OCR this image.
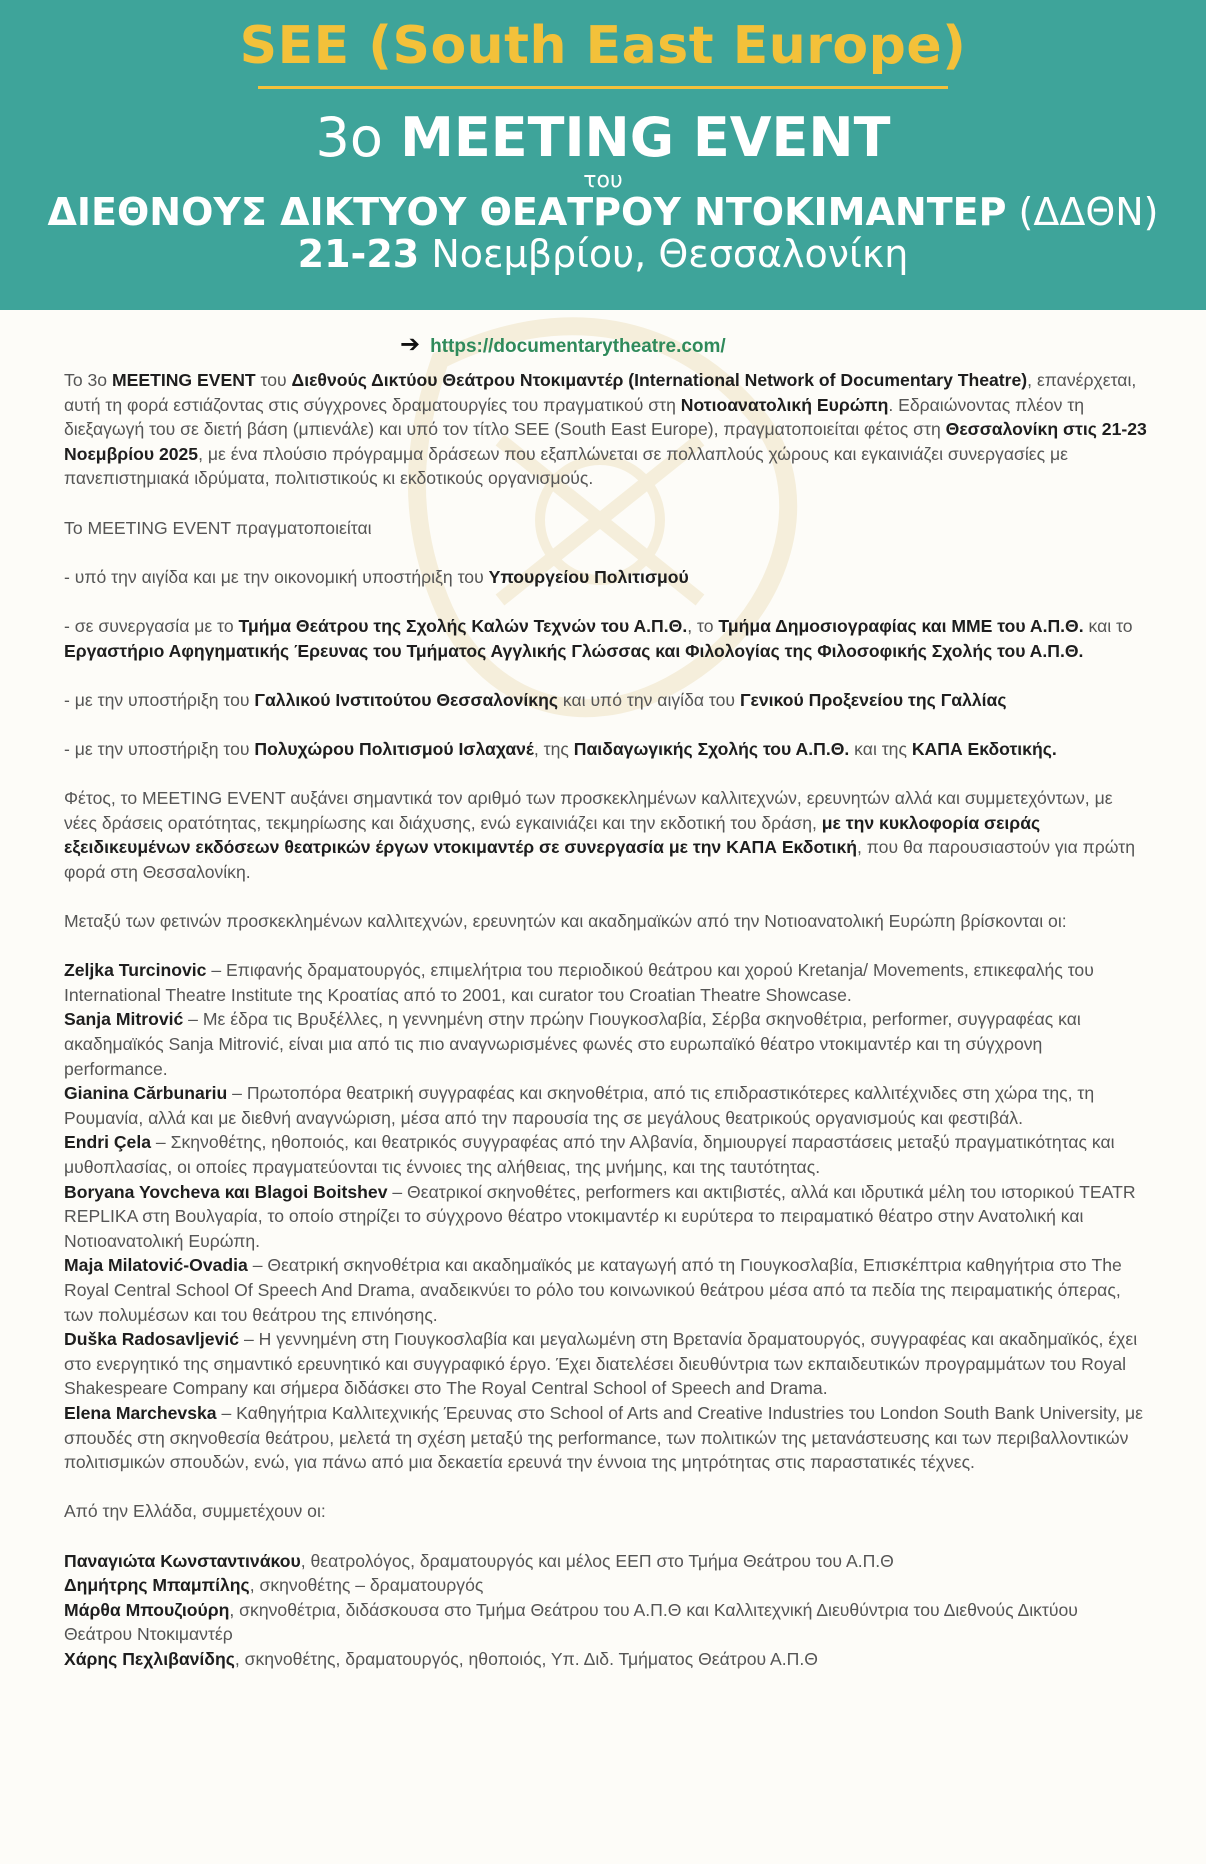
SEE (South East Europe)
3ο MEETING EVENT
του
ΔΙΕΘΝΟΥΣ ΔΙΚΤΥΟΥ ΘΕΑΤΡΟΥ ΝΤΟΚΙΜΑΝΤΕΡ (ΔΔΘΝ)
21-23 Νοεμβρίου, Θεσσαλονίκη
➔ https://documentarytheatre.com/

Το 3ο MEETING EVENT του Διεθνούς Δικτύου Θεάτρου Ντοκιμαντέρ (International Network of Documentary Theatre), επανέρχεται, αυτή τη φορά εστιάζοντας στις σύγχρονες δραματουργίες του πραγματικού στη Νοτιοανατολική Ευρώπη. Εδραιώνοντας πλέον τη διεξαγωγή του σε διετή βάση (μπιενάλε) και υπό τον τίτλο SEE (South East Europe), πραγματοποιείται φέτος στη Θεσσαλονίκη στις 21-23 Νοεμβρίου 2025, με ένα πλούσιο πρόγραμμα δράσεων που εξαπλώνεται σε πολλαπλούς χώρους και εγκαινιάζει συνεργασίες με πανεπιστημιακά ιδρύματα, πολιτιστικούς κι εκδοτικούς οργανισμούς.

Το MEETING EVENT πραγματοποιείται

- υπό την αιγίδα και με την οικονομική υποστήριξη του Υπουργείου Πολιτισμού

- σε συνεργασία με το Τμήμα Θεάτρου της Σχολής Καλών Τεχνών του Α.Π.Θ., το Τμήμα Δημοσιογραφίας και ΜΜΕ του Α.Π.Θ. και το Εργαστήριο Αφηγηματικής Έρευνας του Τμήματος Αγγλικής Γλώσσας και Φιλολογίας της Φιλοσοφικής Σχολής του Α.Π.Θ.

- με την υποστήριξη του Γαλλικού Ινστιτούτου Θεσσαλονίκης και υπό την αιγίδα του Γενικού Προξενείου της Γαλλίας

- με την υποστήριξη του Πολυχώρου Πολιτισμού Ισλαχανέ, της Παιδαγωγικής Σχολής του Α.Π.Θ. και της ΚΑΠΑ Εκδοτικής.

Φέτος, το MEETING EVENT αυξάνει σημαντικά τον αριθμό των προσκεκλημένων καλλιτεχνών, ερευνητών αλλά και συμμετεχόντων, με νέες δράσεις ορατότητας, τεκμηρίωσης και διάχυσης, ενώ εγκαινιάζει και την εκδοτική του δράση, με την κυκλοφορία σειράς εξειδικευμένων εκδόσεων θεατρικών έργων ντοκιμαντέρ σε συνεργασία με την ΚΑΠΑ Εκδοτική, που θα παρουσιαστούν για πρώτη φορά στη Θεσσαλονίκη.

Μεταξύ των φετινών προσκεκλημένων καλλιτεχνών, ερευνητών και ακαδημαϊκών από την Νοτιοανατολική Ευρώπη βρίσκονται οι:

Zeljka Turcinovic – Επιφανής δραματουργός, επιμελήτρια του περιοδικού θεάτρου και χορού Kretanja/ Movements, επικεφαλής του International Theatre Institute της Κροατίας από το 2001, και curator του Croatian Theatre Showcase.

Sanja Mitrović – Με έδρα τις Βρυξέλλες, η γεννημένη στην πρώην Γιουγκοσλαβία, Σέρβα σκηνοθέτρια, performer, συγγραφέας και ακαδημαϊκός Sanja Mitrović, είναι μια από τις πιο αναγνωρισμένες φωνές στο ευρωπαϊκό θέατρο ντοκιμαντέρ και τη σύγχρονη performance.

Gianina Cărbunariu – Πρωτοπόρα θεατρική συγγραφέας και σκηνοθέτρια, από τις επιδραστικότερες καλλιτέχνιδες στη χώρα της, τη Ρουμανία, αλλά και με διεθνή αναγνώριση, μέσα από την παρουσία της σε μεγάλους θεατρικούς οργανισμούς και φεστιβάλ.

Endri Çela – Σκηνοθέτης, ηθοποιός, και θεατρικός συγγραφέας από την Αλβανία, δημιουργεί παραστάσεις μεταξύ πραγματικότητας και μυθοπλασίας, οι οποίες πραγματεύονται τις έννοιες της αλήθειας, της μνήμης, και της ταυτότητας.

Boryana Yovcheva και Blagoi Boitshev – Θεατρικοί σκηνοθέτες, performers και ακτιβιστές, αλλά και ιδρυτικά μέλη του ιστορικού TEATR REPLIKA στη Βουλγαρία, το οποίο στηρίζει το σύγχρονο θέατρο ντοκιμαντέρ κι ευρύτερα το πειραματικό θέατρο στην Ανατολική και Νοτιοανατολική Ευρώπη.

Maja Milatović-Ovadia – Θεατρική σκηνοθέτρια και ακαδημαϊκός με καταγωγή από τη Γιουγκοσλαβία, Επισκέπτρια καθηγήτρια στο The Royal Central School Of Speech And Drama, αναδεικνύει το ρόλο του κοινωνικού θεάτρου μέσα από τα πεδία της πειραματικής όπερας, των πολυμέσων και του θεάτρου της επινόησης.

Duška Radosavljević – Η γεννημένη στη Γιουγκοσλαβία και μεγαλωμένη στη Βρετανία δραματουργός, συγγραφέας και ακαδημαϊκός, έχει στο ενεργητικό της σημαντικό ερευνητικό και συγγραφικό έργο. Έχει διατελέσει διευθύντρια των εκπαιδευτικών προγραμμάτων του Royal Shakespeare Company και σήμερα διδάσκει στο The Royal Central School of Speech and Drama.

Elena Marchevska – Καθηγήτρια Καλλιτεχνικής Έρευνας στο School of Arts and Creative Industries του London South Bank University, με σπουδές στη σκηνοθεσία θεάτρου, μελετά τη σχέση μεταξύ της performance, των πολιτικών της μετανάστευσης και των περιβαλλοντικών πολιτισμικών σπουδών, ενώ, για πάνω από μια δεκαετία ερευνά την έννοια της μητρότητας στις παραστατικές τέχνες.

Από την Ελλάδα, συμμετέχουν οι:

Παναγιώτα Κωνσταντινάκου, θεατρολόγος, δραματουργός και μέλος ΕΕΠ στο Τμήμα Θεάτρου του Α.Π.Θ

Δημήτρης Μπαμπίλης, σκηνοθέτης – δραματουργός

Μάρθα Μπουζιούρη, σκηνοθέτρια, διδάσκουσα στο Τμήμα Θεάτρου του Α.Π.Θ και Καλλιτεχνική Διευθύντρια του Διεθνούς Δικτύου Θεάτρου Ντοκιμαντέρ

Χάρης Πεχλιβανίδης, σκηνοθέτης, δραματουργός, ηθοποιός, Υπ. Διδ. Τμήματος Θεάτρου Α.Π.Θ
